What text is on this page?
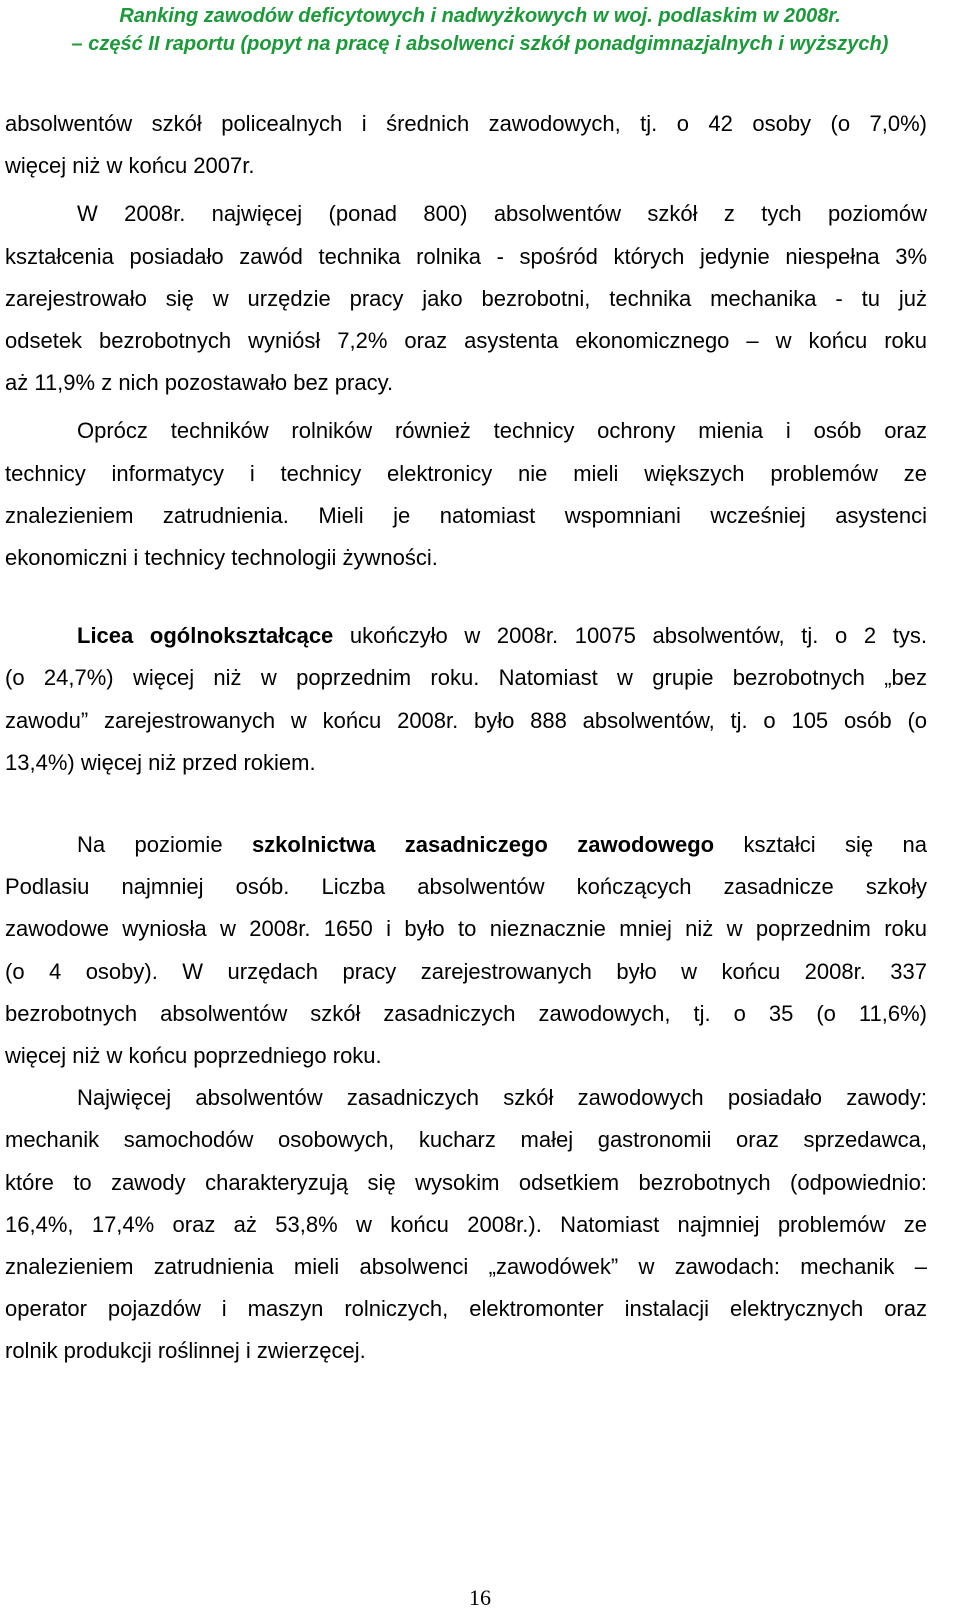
Ranking zawodów deficytowych i nadwyżkowych w woj. podlaskim w 2008r.
– część II raportu (popyt na pracę i absolwenci szkół ponadgimnazjalnych i wyższych)

absolwentów szkół policealnych i średnich zawodowych, tj. o 42 osoby (o 7,0%)
więcej niż w końcu 2007r.

W 2008r. najwięcej (ponad 800) absolwentów szkół z tych poziomów
kształcenia posiadało zawód technika rolnika - spośród których jedynie niespełna 3%
zarejestrowało się w urzędzie pracy jako bezrobotni, technika mechanika - tu już
odsetek bezrobotnych wyniósł 7,2% oraz asystenta ekonomicznego – w końcu roku
aż 11,9% z nich pozostawało bez pracy.

Oprócz techników rolników również technicy ochrony mienia i osób oraz
technicy informatycy i technicy elektronicy nie mieli większych problemów ze
znalezieniem zatrudnienia. Mieli je natomiast wspomniani wcześniej asystenci
ekonomiczni i technicy technologii żywności.

Licea ogólnokształcące ukończyło w 2008r. 10075 absolwentów, tj. o 2 tys.
(o 24,7%) więcej niż w poprzednim roku. Natomiast w grupie bezrobotnych „bez
zawodu” zarejestrowanych w końcu 2008r. było 888 absolwentów, tj. o 105 osób (o
13,4%) więcej niż przed rokiem.

Na poziomie szkolnictwa zasadniczego zawodowego kształci się na
Podlasiu najmniej osób. Liczba absolwentów kończących zasadnicze szkoły
zawodowe wyniosła w 2008r. 1650 i było to nieznacznie mniej niż w poprzednim roku
(o 4 osoby). W urzędach pracy zarejestrowanych było w końcu 2008r. 337
bezrobotnych absolwentów szkół zasadniczych zawodowych, tj. o 35 (o 11,6%)
więcej niż w końcu poprzedniego roku.

Najwięcej absolwentów zasadniczych szkół zawodowych posiadało zawody:
mechanik samochodów osobowych, kucharz małej gastronomii oraz sprzedawca,
które to zawody charakteryzują się wysokim odsetkiem bezrobotnych (odpowiednio:
16,4%, 17,4% oraz aż 53,8% w końcu 2008r.). Natomiast najmniej problemów ze
znalezieniem zatrudnienia mieli absolwenci „zawodówek” w zawodach: mechanik –
operator pojazdów i maszyn rolniczych, elektromonter instalacji elektrycznych oraz
rolnik produkcji roślinnej i zwierzęcej.

16
